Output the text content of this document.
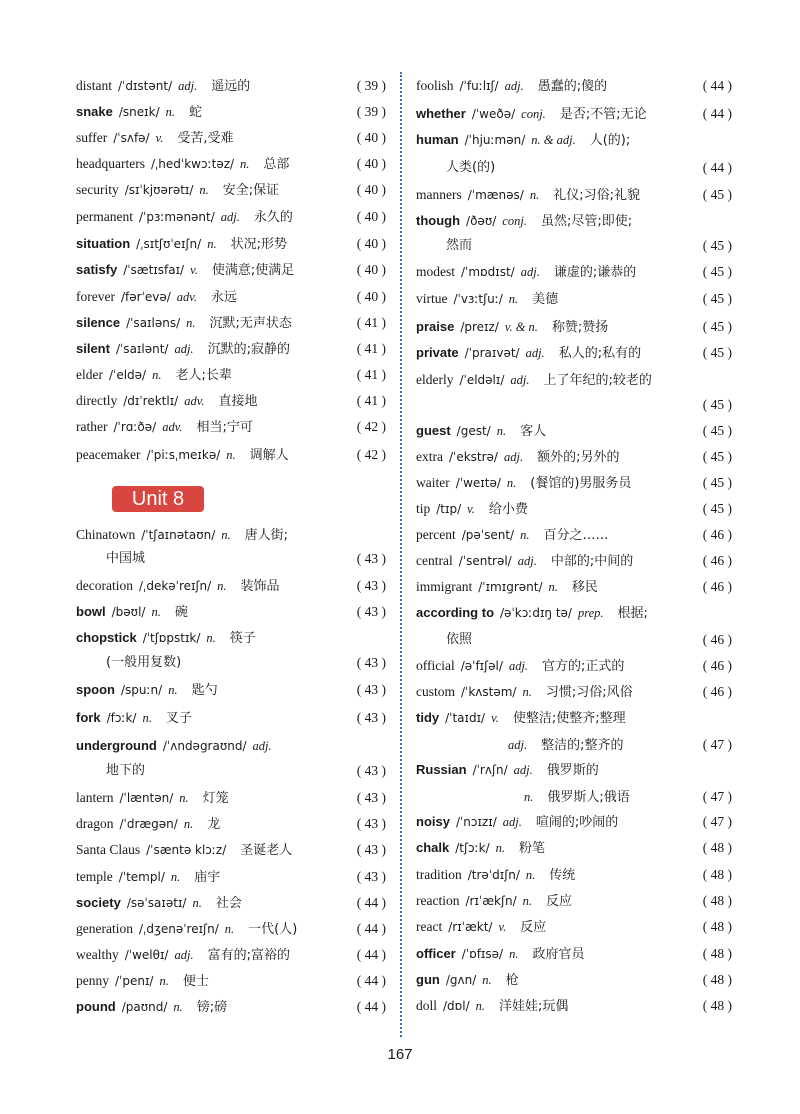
distant /ˈdɪstənt/ adj. 遥远的	( 39 )
snake /sneɪk/ n. 蛇	( 39 )
suffer /ˈsʌfə/ v. 受苦,受难	( 40 )
headquarters /ˌhedˈkwɔːtəz/ n. 总部	( 40 )
security /sɪˈkjʊərətɪ/ n. 安全;保证	( 40 )
permanent /ˈpɜːmənənt/ adj. 永久的	( 40 )
situation /ˌsɪtʃʊˈeɪʃn/ n. 状况;形势	( 40 )
satisfy /ˈsætɪsfaɪ/ v. 使满意;使满足	( 40 )
forever /fərˈevə/ adv. 永远	( 40 )
silence /ˈsaɪləns/ n. 沉默;无声状态	( 41 )
silent /ˈsaɪlənt/ adj. 沉默的;寂静的	( 41 )
elder /ˈeldə/ n. 老人;长辈	( 41 )
directly /dɪˈrektlɪ/ adv. 直接地	( 41 )
rather /ˈrɑːðə/ adv. 相当;宁可	( 42 )
peacemaker /ˈpiːsˌmeɪkə/ n. 调解人	( 42 )
Chinatown /ˈtʃaɪnətaʊn/ n. 唐人街;
中国城	( 43 )
decoration /ˌdekəˈreɪʃn/ n. 装饰品	( 43 )
bowl /bəʊl/ n. 碗	( 43 )
chopstick /ˈtʃɒpstɪk/ n. 筷子
(一般用复数)	( 43 )
spoon /spuːn/ n. 匙勺	( 43 )
fork /fɔːk/ n. 叉子	( 43 )
underground /ˈʌndəgraʊnd/ adj.
地下的	( 43 )
lantern /ˈlæntən/ n. 灯笼	( 43 )
dragon /ˈdrægən/ n. 龙	( 43 )
Santa Claus /ˈsæntə klɔːz/ 圣诞老人	( 43 )
temple /ˈtempl/ n. 庙宇	( 43 )
society /səˈsaɪətɪ/ n. 社会	( 44 )
generation /ˌdʒenəˈreɪʃn/ n. 一代(人)	( 44 )
wealthy /ˈwelθɪ/ adj. 富有的;富裕的	( 44 )
penny /ˈpenɪ/ n. 便士	( 44 )
pound /paʊnd/ n. 镑;磅	( 44 )
foolish /ˈfuːlɪʃ/ adj. 愚蠢的;傻的	( 44 )
whether /ˈweðə/ conj. 是否;不管;无论	( 44 )
human /ˈhjuːmən/ n. & adj. 人(的);
人类(的)	( 44 )
manners /ˈmænəs/ n. 礼仪;习俗;礼貌	( 45 )
though /ðəʊ/ conj. 虽然;尽管;即使;
然而	( 45 )
modest /ˈmɒdɪst/ adj. 谦虚的;谦恭的	( 45 )
virtue /ˈvɜːtʃuː/ n. 美德	( 45 )
praise /preɪz/ v. & n. 称赞;赞扬	( 45 )
private /ˈpraɪvət/ adj. 私人的;私有的	( 45 )
elderly /ˈeldəlɪ/ adj. 上了年纪的;较老的
( 45 )
guest /gest/ n. 客人	( 45 )
extra /ˈekstrə/ adj. 额外的;另外的	( 45 )
waiter /ˈweɪtə/ n. (餐馆的)男服务员	( 45 )
tip /tɪp/ v. 给小费	( 45 )
percent /pəˈsent/ n. 百分之……	( 46 )
central /ˈsentrəl/ adj. 中部的;中间的	( 46 )
immigrant /ˈɪmɪgrənt/ n. 移民	( 46 )
according to /əˈkɔːdɪŋ tə/ prep. 根据;
依照	( 46 )
official /əˈfɪʃəl/ adj. 官方的;正式的	( 46 )
custom /ˈkʌstəm/ n. 习惯;习俗;风俗	( 46 )
tidy /ˈtaɪdɪ/ v. 使整洁;使整齐;整理
adj. 整洁的;整齐的	( 47 )
Russian /ˈrʌʃn/ adj. 俄罗斯的
n. 俄罗斯人;俄语	( 47 )
noisy /ˈnɔɪzɪ/ adj. 喧闹的;吵闹的	( 47 )
chalk /tʃɔːk/ n. 粉笔	( 48 )
tradition /trəˈdɪʃn/ n. 传统	( 48 )
reaction /rɪˈækʃn/ n. 反应	( 48 )
react /rɪˈækt/ v. 反应	( 48 )
officer /ˈɒfɪsə/ n. 政府官员	( 48 )
gun /gʌn/ n. 枪	( 48 )
doll /dɒl/ n. 洋娃娃;玩偶	( 48 )
Unit 8
167
